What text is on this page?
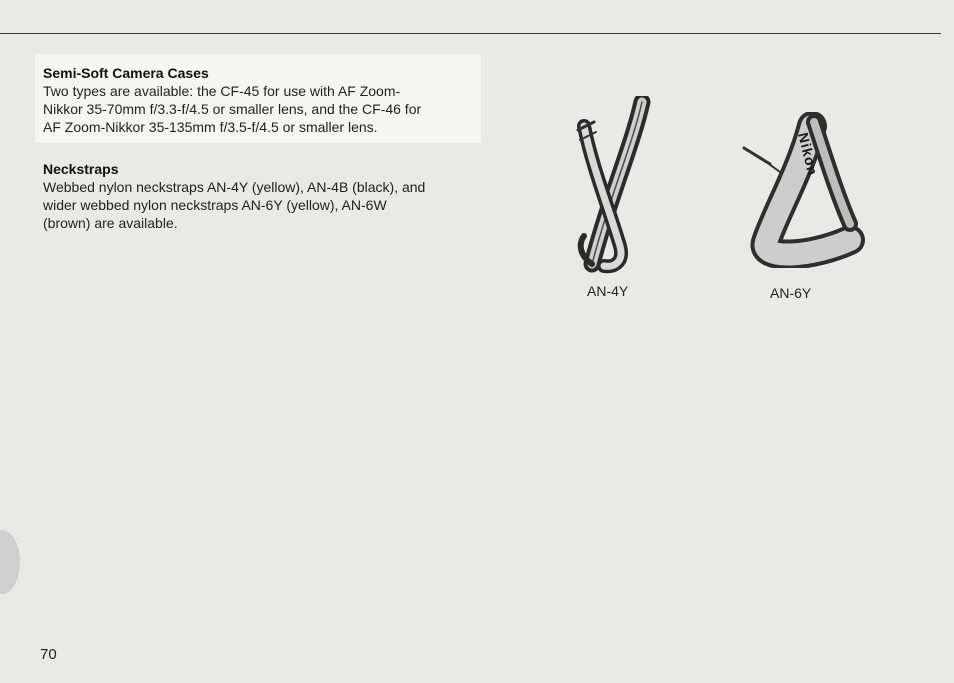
Semi-Soft Camera Cases

Two types are available: the CF-45 for use with AF Zoom-

Nikkor 35-70mm f/3.3-f/4.5 or smaller lens, and the CF-46 for

AF Zoom-Nikkor 35-135mm f/3.5-f/4.5 or smaller lens.

Neckstraps

Webbed nylon neckstraps AN-4Y (yellow), AN-4B (black), and

wider webbed nylon neckstraps AN-6Y (yellow), AN-6W

(brown) are available.

Nikon
AN-4Y	AN-6Y
70
